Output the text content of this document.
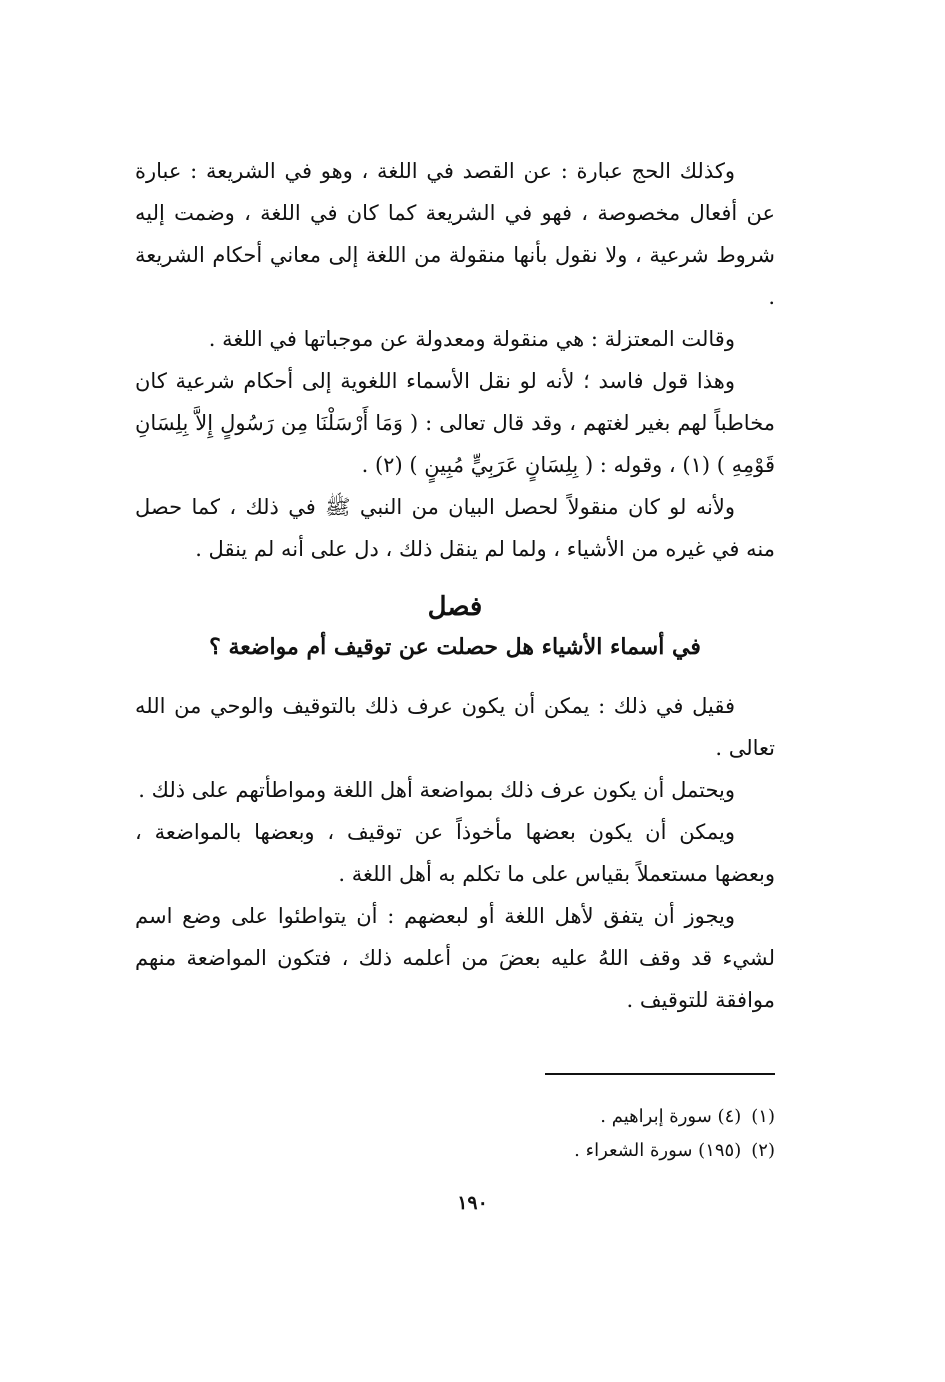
وكذلك الحج عبارة : عن القصد في اللغة ، وهو في الشريعة : عبارة عن أفعال مخصوصة ، فهو في الشريعة كما كان في اللغة ، وضمت إليه شروط شرعية ، ولا نقول بأنها منقولة من اللغة إلى معاني أحكام الشريعة .

وقالت المعتزلة : هي منقولة ومعدولة عن موجباتها في اللغة .

وهذا قول فاسد ؛ لأنه لو نقل الأسماء اللغوية إلى أحكام شرعية كان مخاطباً لهم بغير لغتهم ، وقد قال تعالى : ( وَمَا أَرْسَلْنَا مِن رَسُولٍ إِلاَّ بِلِسَانِ قَوْمِهِ ) (١) ، وقوله : ( بِلِسَانٍ عَرَبِيٍّ مُبِينٍ ) (٢) .

ولأنه لو كان منقولاً لحصل البيان من النبي ﷺ في ذلك ، كما حصل منه في غيره من الأشياء ، ولما لم ينقل ذلك ، دل على أنه لم ينقل .

فصل
في أسماء الأشياء هل حصلت عن توقيف أم مواضعة ؟

فقيل في ذلك : يمكن أن يكون عرف ذلك بالتوقيف والوحي من الله تعالى .

ويحتمل أن يكون عرف ذلك بمواضعة أهل اللغة ومواطأتهم على ذلك .

ويمكن أن يكون بعضها مأخوذاً عن توقيف ، وبعضها بالمواضعة ، وبعضها مستعملاً بقياس على ما تكلم به أهل اللغة .

ويجوز أن يتفق لأهل اللغة أو لبعضهم : أن يتواطئوا على وضع اسم لشيء قد وقف اللهُ عليه بعضَ من أعلمه ذلك ، فتكون المواضعة منهم موافقة للتوقيف .

(١)(٤) سورة إبراهيم .

(٢)(١٩٥) سورة الشعراء .

١٩٠
